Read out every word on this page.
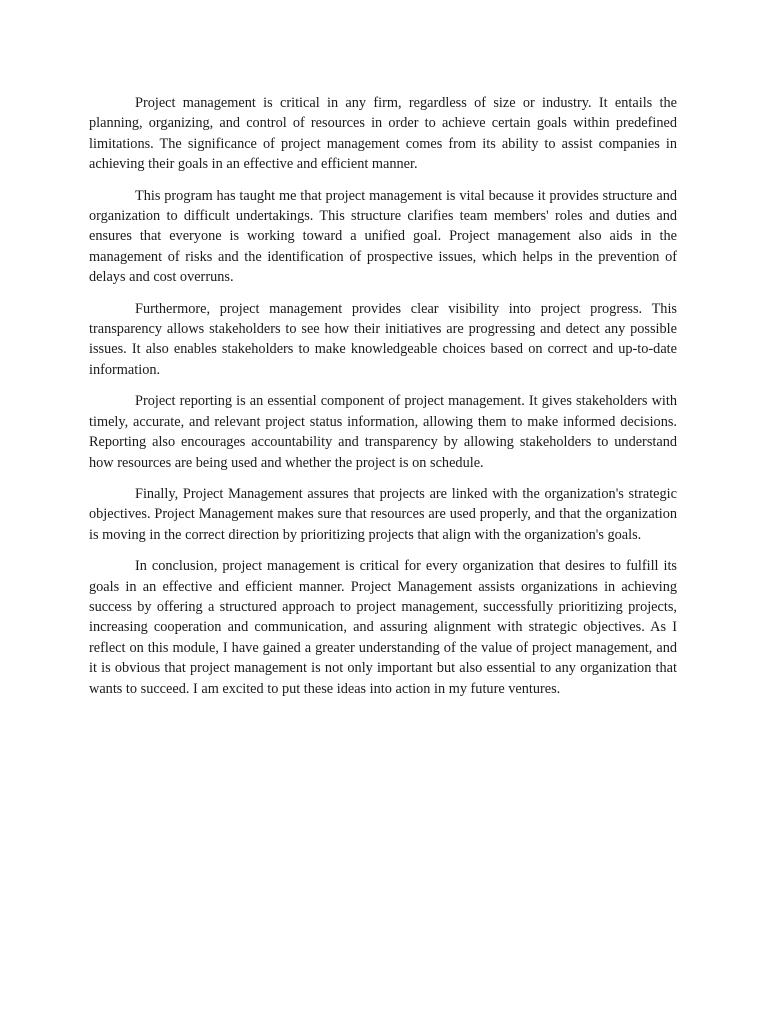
Project management is critical in any firm, regardless of size or industry. It entails the planning, organizing, and control of resources in order to achieve certain goals within predefined limitations. The significance of project management comes from its ability to assist companies in achieving their goals in an effective and efficient manner.

This program has taught me that project management is vital because it provides structure and organization to difficult undertakings. This structure clarifies team members' roles and duties and ensures that everyone is working toward a unified goal. Project management also aids in the management of risks and the identification of prospective issues, which helps in the prevention of delays and cost overruns.

Furthermore, project management provides clear visibility into project progress. This transparency allows stakeholders to see how their initiatives are progressing and detect any possible issues. It also enables stakeholders to make knowledgeable choices based on correct and up-to-date information.

Project reporting is an essential component of project management. It gives stakeholders with timely, accurate, and relevant project status information, allowing them to make informed decisions. Reporting also encourages accountability and transparency by allowing stakeholders to understand how resources are being used and whether the project is on schedule.

Finally, Project Management assures that projects are linked with the organization's strategic objectives. Project Management makes sure that resources are used properly, and that the organization is moving in the correct direction by prioritizing projects that align with the organization's goals.

In conclusion, project management is critical for every organization that desires to fulfill its goals in an effective and efficient manner. Project Management assists organizations in achieving success by offering a structured approach to project management, successfully prioritizing projects, increasing cooperation and communication, and assuring alignment with strategic objectives. As I reflect on this module, I have gained a greater understanding of the value of project management, and it is obvious that project management is not only important but also essential to any organization that wants to succeed. I am excited to put these ideas into action in my future ventures.
